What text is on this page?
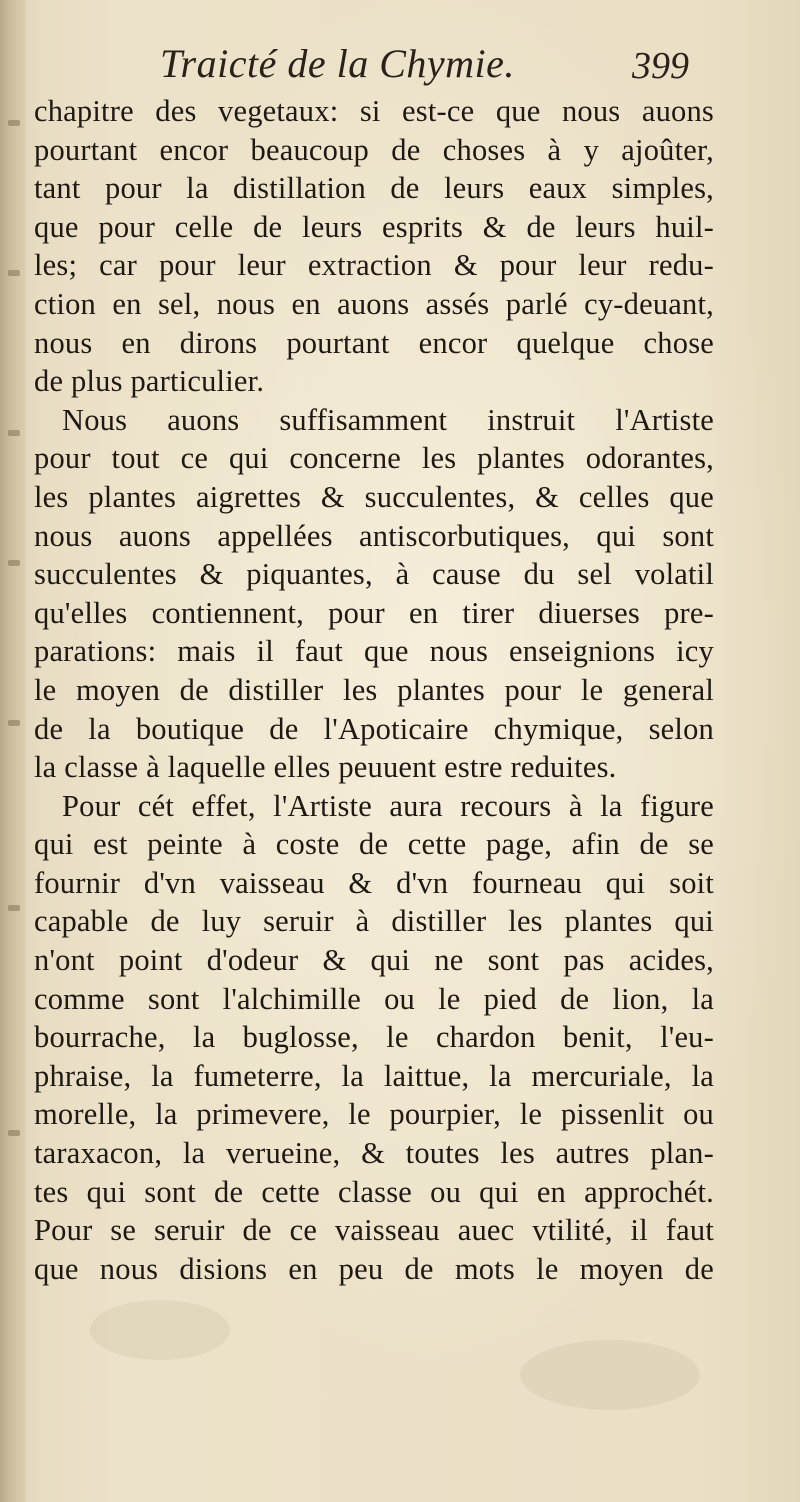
Traicté de la Chymie.	399
chapitre des vegetaux: si est-ce que nous auons
pourtant encor beaucoup de choses à y ajoûter,
tant pour la distillation de leurs eaux simples,
que pour celle de leurs esprits & de leurs huil-
les; car pour leur extraction & pour leur redu-
ction en sel, nous en auons assés parlé cy-deuant,
nous en dirons pourtant encor quelque chose
de plus particulier.
Nous auons suffisamment instruit l'Artiste
pour tout ce qui concerne les plantes odorantes,
les plantes aigrettes & succulentes, & celles que
nous auons appellées antiscorbutiques, qui sont
succulentes & piquantes, à cause du sel volatil
qu'elles contiennent, pour en tirer diuerses pre-
parations: mais il faut que nous enseignions icy
le moyen de distiller les plantes pour le general
de la boutique de l'Apoticaire chymique, selon
la classe à laquelle elles peuuent estre reduites.
Pour cét effet, l'Artiste aura recours à la figure
qui est peinte à coste de cette page, afin de se
fournir d'vn vaisseau & d'vn fourneau qui soit
capable de luy seruir à distiller les plantes qui
n'ont point d'odeur & qui ne sont pas acides,
comme sont l'alchimille ou le pied de lion, la
bourrache, la buglosse, le chardon benit, l'eu-
phraise, la fumeterre, la laittue, la mercuriale, la
morelle, la primevere, le pourpier, le pissenlit ou
taraxacon, la verueine, & toutes les autres plan-
tes qui sont de cette classe ou qui en approchét.
Pour se seruir de ce vaisseau auec vtilité, il faut
que nous disions en peu de mots le moyen de
